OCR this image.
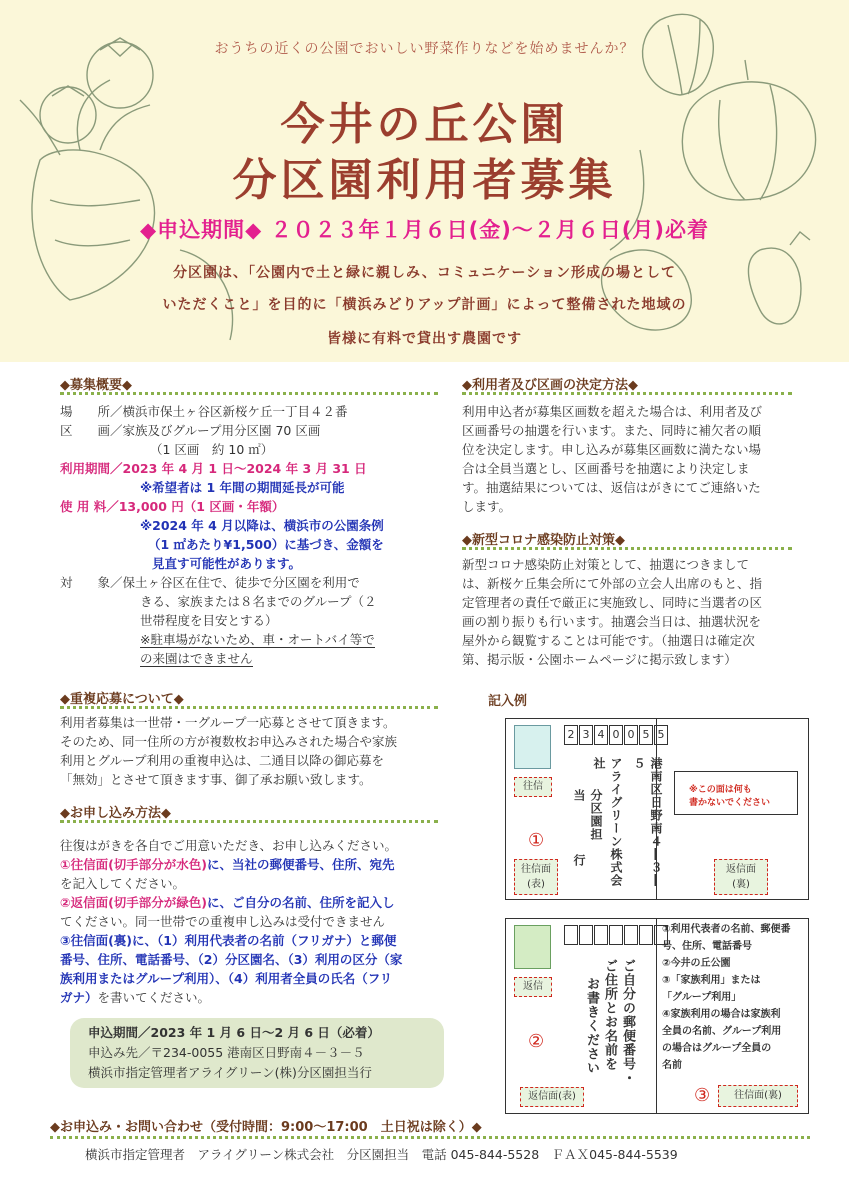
おうちの近くの公園でおいしい野菜作りなどを始めませんか？
今井の丘公園
分区園利用者募集
◆申込期間◆ ２０２３年１月６日(金)～２月６日(月)必着
分区園は、「公園内で土と緑に親しみ、コミュニケーション形成の場として
いただくこと」を目的に「横浜みどりアップ計画」によって整備された地域の
皆様に有料で貸出す農園です
◆募集概要◆
場　　所／横浜市保土ヶ谷区新桜ケ丘一丁目４２番
区　　画／家族及びグループ用分区園 70 区画
（1 区画　約 10 ㎡）
利用期間／2023 年 4 月 1 日～2024 年 3 月 31 日
※希望者は 1 年間の期間延長が可能
使 用 料／13,000 円（1 区画・年額）
※2024 年 4 月以降は、横浜市の公園条例
（1 ㎡あたり¥1,500）に基づき、金額を
見直す可能性があります。
対　　象／保土ヶ谷区在住で、徒歩で分区園を利用で
きる、家族または８名までのグループ（２
世帯程度を目安とする）
※駐車場がないため、車・オートバイ等で
の来園はできません
◆利用者及び区画の決定方法◆
利用申込者が募集区画数を超えた場合は、利用者及び
区画番号の抽選を行います。また、同時に補欠者の順
位を決定します。申し込みが募集区画数に満たない場
合は全員当選とし、区画番号を抽選により決定しま
す。抽選結果については、返信はがきにてご連絡いた
します。
◆新型コロナ感染防止対策◆
新型コロナ感染防止対策として、抽選につきまして
は、新桜ケ丘集会所にて外部の立会人出席のもと、指
定管理者の責任で厳正に実施致し、同時に当選者の区
画の割り振りも行います。抽選会当日は、抽選状況を
屋外から観覧することは可能です。（抽選日は確定次
第、掲示版・公園ホームページに掲示致します）
◆重複応募について◆
利用者募集は一世帯・一グループ一応募とさせて頂きます。
そのため、同一住所の方が複数枚お申込みされた場合や家族
利用とグループ利用の重複申込は、二通目以降の御応募を
「無効」とさせて頂きます事、御了承お願い致します。
◆お申し込み方法◆
往復はがきを各自でご用意いただき、お申し込みください。
①往信面(切手部分が水色)に、当社の郵便番号、住所、宛先
を記入してください。
②返信面(切手部分が緑色)に、ご自分の名前、住所を記入し
てください。同一世帯での重複申し込みは受付できません
③往信面(裏)に、（1）利用代表者の名前（フリガナ）と郵便
番号、住所、電話番号、（2）分区園名、（3）利用の区分（家
族利用またはグループ利用）、（4）利用者全員の氏名（フリ
ガナ）を書いてください。
申込期間／2023 年 1 月 6 日～2 月 6 日（必着）
申込み先／〒234-0055 港南区日野南４－３－５
横浜市指定管理者アライグリーン(株)分区園担当行
記入例
2 3 4 0 0 5 5
往信	港南区日野南４―３―５
アライグリーン株式会社
分区園担当
行
①
往信面
(表)
※この面は何も
書かないでください
返信面
(裏)
返信	ご自分の郵便番号・
ご住所とお名前を
お書きください
②
返信面(表)
①利用代表者の名前、郵便番
号、住所、電話番号
②今井の丘公園
③「家族利用」または
「グループ利用」
④家族利用の場合は家族利
全員の名前、グループ利用
の場合はグループ全員の
名前
③	往信面(裏)
◆お申込み・お問い合わせ（受付時間：9:00～17:00　土日祝は除く）◆
横浜市指定管理者　アライグリーン株式会社　分区園担当　電話 045-844-5528　ＦＡＸ045-844-5539
